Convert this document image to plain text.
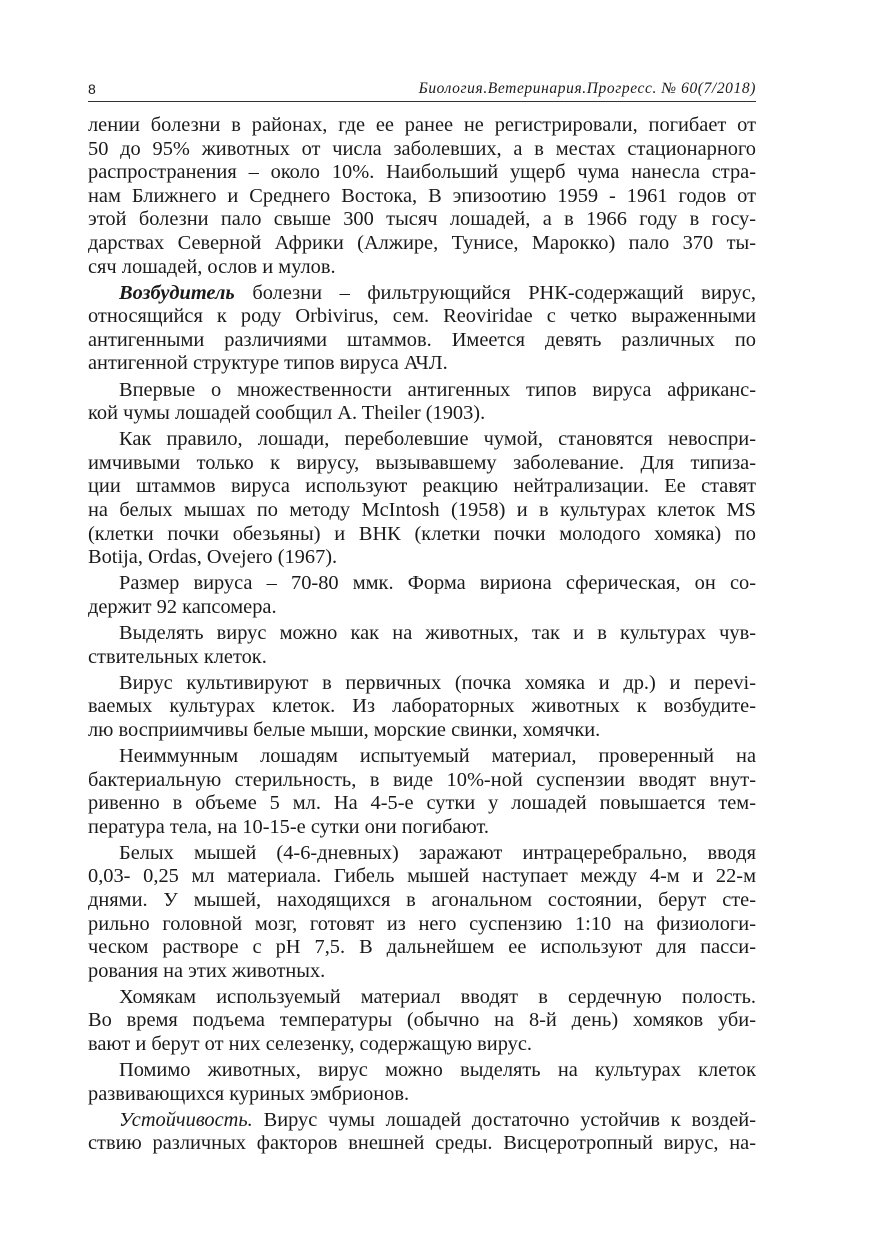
8	Биология.Ветеринария.Прогресс. № 60(7/2018)
лении болезни в районах, где ее ранее не регистрировали, погибает от
50 до 95% животных от числа заболевших, а в местах стационарного
распространения – около 10%. Наибольший ущерб чума нанесла стра-
нам Ближнего и Среднего Востока, В эпизоотию 1959 - 1961 годов от
этой болезни пало свыше 300 тысяч лошадей, а в 1966 году в госу-
дарствах Северной Африки (Алжире, Тунисе, Марокко) пало 370 ты-
сяч лошадей, ослов и мулов.
Возбудитель болезни – фильтрующийся РНК-содержащий вирус,
относящийся к роду Orbivirus, сем. Reoviridae с четко выраженными
антигенными различиями штаммов. Имеется девять различных по
антигенной структуре типов вируса АЧЛ.
Впервые о множественности антигенных типов вируса африканс-
кой чумы лошадей сообщил A. Theiler (1903).
Как правило, лошади, переболевшие чумой, становятся невоспри-
имчивыми только к вирусу, вызывавшему заболевание. Для типиза-
ции штаммов вируса используют реакцию нейтрализации. Ее ставят
на белых мышах по методу McIntosh (1958) и в культурах клеток MS
(клетки почки обезьяны) и ВНК (клетки почки молодого хомяка) по
Botija, Ordas, Ovejero (1967).
Размер вируса – 70-80 ммк. Форма вириона сферическая, он со-
держит 92 капсомера.
Выделять вирус можно как на животных, так и в культурах чув-
ствительных клеток.
Вирус культивируют в первичных (почка хомяка и др.) и перevi-
ваемых культурах клеток. Из лабораторных животных к возбудите-
лю восприимчивы белые мыши, морские свинки, хомячки.
Неиммунным лошадям испытуемый материал, проверенный на
бактериальную стерильность, в виде 10%-ной суспензии вводят внут-
ривенно в объеме 5 мл. На 4-5-е сутки у лошадей повышается тем-
пература тела, на 10-15-е сутки они погибают.
Белых мышей (4-6-дневных) заражают интрацеребрально, вводя
0,03- 0,25 мл материала. Гибель мышей наступает между 4-м и 22-м
днями. У мышей, находящихся в агональном состоянии, берут сте-
рильно головной мозг, готовят из него суспензию 1:10 на физиологи-
ческом растворе с рН 7,5. В дальнейшем ее используют для пасси-
рования на этих животных.
Хомякам используемый материал вводят в сердечную полость.
Во время подъема температуры (обычно на 8-й день) хомяков уби-
вают и берут от них селезенку, содержащую вирус.
Помимо животных, вирус можно выделять на культурах клеток
развивающихся куриных эмбрионов.
Устойчивость. Вирус чумы лошадей достаточно устойчив к воздей-
ствию различных факторов внешней среды. Висцеротропный вирус, на-
